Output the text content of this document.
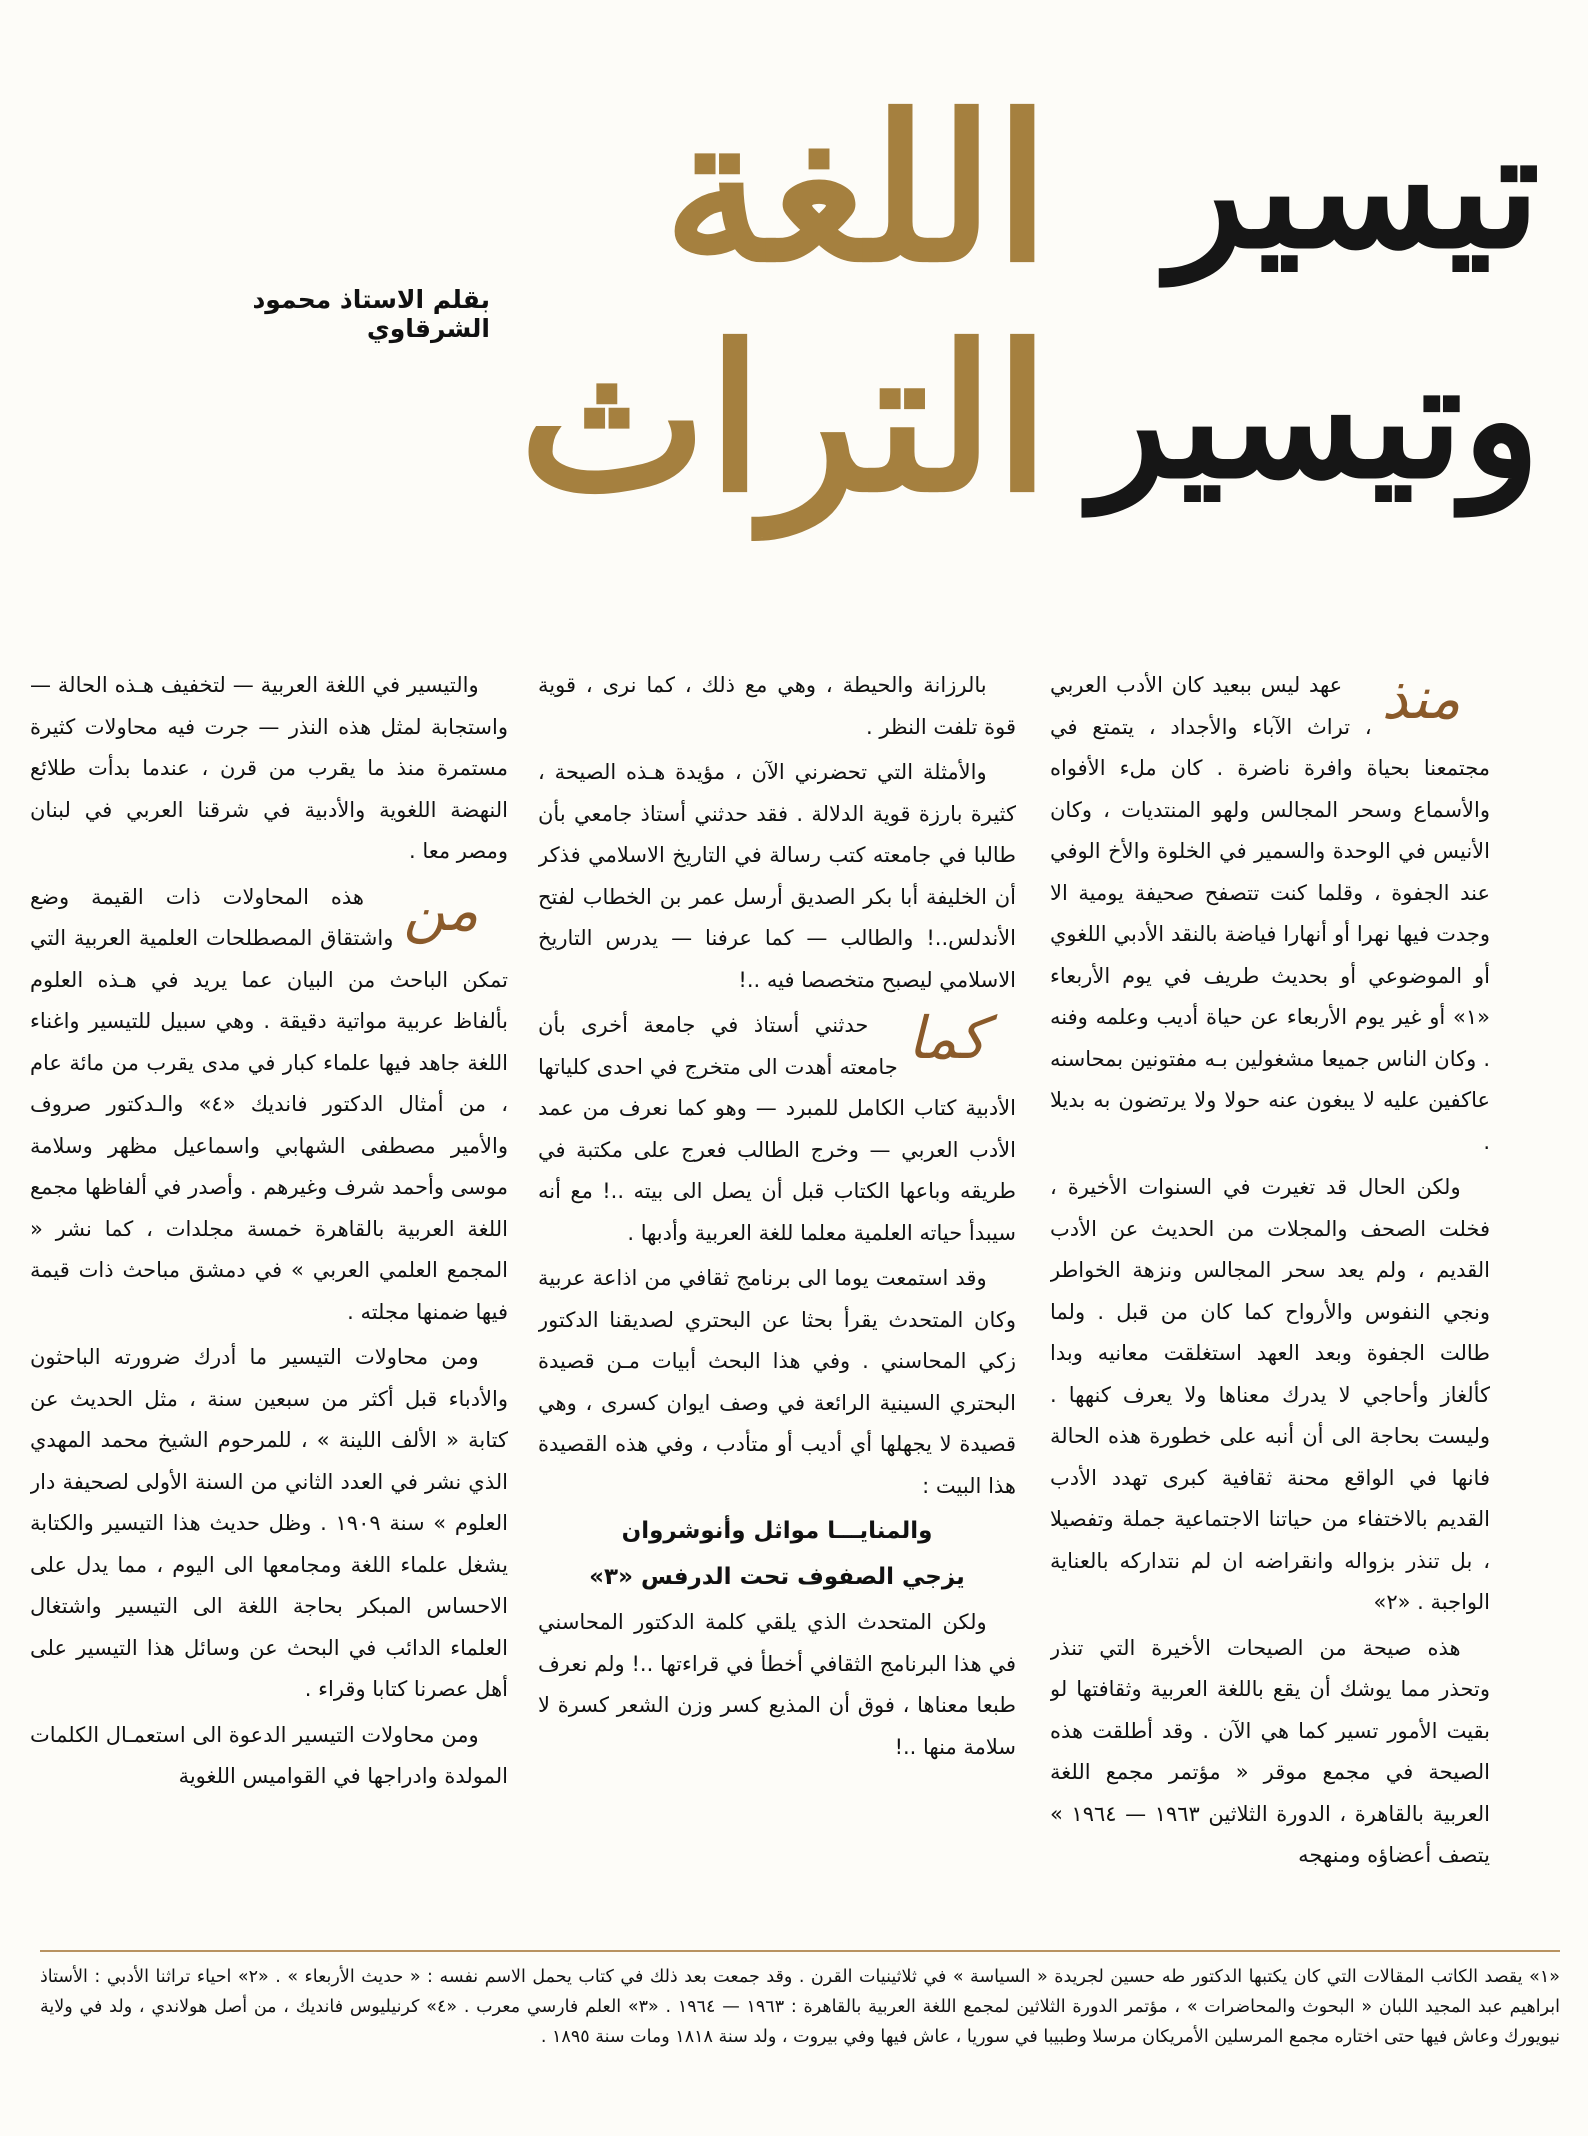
تيسير
اللغة
وتيسير
التراث
بقلم الاستاذ محمود الشرقاوي

منذ
عهد ليس ببعيد كان الأدب العربي ، تراث الآباء والأجداد ، يتمتع في مجتمعنا بحياة وافرة ناضرة . كان ملء الأفواه والأسماع وسحر المجالس ولهو المنتديات ، وكان الأنيس في الوحدة والسمير في الخلوة والأخ الوفي عند الجفوة ، وقلما كنت تتصفح صحيفة يومية الا وجدت فيها نهرا أو أنهارا فياضة بالنقد الأدبي اللغوي أو الموضوعي أو بحديث طريف في يوم الأربعاء «١» أو غير يوم الأربعاء عن حياة أديب وعلمه وفنه . وكان الناس جميعا مشغولين بـه مفتونين بمحاسنه عاكفين عليه لا يبغون عنه حولا ولا يرتضون به بديلا .

ولكن الحال قد تغيرت في السنوات الأخيرة ، فخلت الصحف والمجلات من الحديث عن الأدب القديم ، ولم يعد سحر المجالس ونزهة الخواطر ونجي النفوس والأرواح كما كان من قبل . ولما طالت الجفوة وبعد العهد استغلقت معانيه وبدا كألغاز وأحاجي لا يدرك معناها ولا يعرف كنهها . وليست بحاجة الى أن أنبه على خطورة هذه الحالة فانها في الواقع محنة ثقافية كبرى تهدد الأدب القديم بالاختفاء من حياتنا الاجتماعية جملة وتفصيلا ، بل تنذر بزواله وانقراضه ان لم نتداركه بالعناية الواجبة . «٢»

هذه صيحة من الصيحات الأخيرة التي تنذر وتحذر مما يوشك أن يقع باللغة العربية وثقافتها لو بقيت الأمور تسير كما هي الآن . وقد أطلقت هذه الصيحة في مجمع موقر « مؤتمر مجمع اللغة العربية بالقاهرة ، الدورة الثلاثين ١٩٦٣ — ١٩٦٤ » يتصف أعضاؤه ومنهجه

بالرزانة والحيطة ، وهي مع ذلك ، كما نرى ، قوية قوة تلفت النظر .

والأمثلة التي تحضرني الآن ، مؤيدة هـذه الصيحة ، كثيرة بارزة قوية الدلالة . فقد حدثني أستاذ جامعي بأن طالبا في جامعته كتب رسالة في التاريخ الاسلامي فذكر أن الخليفة أبا بكر الصديق أرسل عمر بن الخطاب لفتح الأندلس..! والطالب — كما عرفنا — يدرس التاريخ الاسلامي ليصبح متخصصا فيه ..!

كما
حدثني أستاذ في جامعة أخرى بأن جامعته أهدت الى متخرج في احدى كلياتها الأدبية كتاب الكامل للمبرد — وهو كما نعرف من عمد الأدب العربي — وخرج الطالب فعرج على مكتبة في طريقه وباعها الكتاب قبل أن يصل الى بيته ..! مع أنه سيبدأ حياته العلمية معلما للغة العربية وأدبها .

وقد استمعت يوما الى برنامج ثقافي من اذاعة عربية وكان المتحدث يقرأ بحثا عن البحتري لصديقنا الدكتور زكي المحاسني . وفي هذا البحث أبيات مـن قصيدة البحتري السينية الرائعة في وصف ايوان كسرى ، وهي قصيدة لا يجهلها أي أديب أو متأدب ، وفي هذه القصيدة هذا البيت :

والمنايـــا مواثل وأنوشروان

يزجي الصفوف تحت الدرفس «٣»

ولكن المتحدث الذي يلقي كلمة الدكتور المحاسني في هذا البرنامج الثقافي أخطأ في قراءتها ..! ولم نعرف طبعا معناها ، فوق أن المذيع كسر وزن الشعر كسرة لا سلامة منها ..!

والتيسير في اللغة العربية — لتخفيف هـذه الحالة — واستجابة لمثل هذه النذر — جرت فيه محاولات كثيرة مستمرة منذ ما يقرب من قرن ، عندما بدأت طلائع النهضة اللغوية والأدبية في شرقنا العربي في لبنان ومصر معا .

من
هذه المحاولات ذات القيمة وضع واشتقاق المصطلحات العلمية العربية التي تمكن الباحث من البيان عما يريد في هـذه العلوم بألفاظ عربية مواتية دقيقة . وهي سبيل للتيسير واغناء اللغة جاهد فيها علماء كبار في مدى يقرب من مائة عام ، من أمثال الدكتور فانديك «٤» والـدكتور صروف والأمير مصطفى الشهابي واسماعيل مظهر وسلامة موسى وأحمد شرف وغيرهم . وأصدر في ألفاظها مجمع اللغة العربية بالقاهرة خمسة مجلدات ، كما نشر « المجمع العلمي العربي » في دمشق مباحث ذات قيمة فيها ضمنها مجلته .

ومن محاولات التيسير ما أدرك ضرورته الباحثون والأدباء قبل أكثر من سبعين سنة ، مثل الحديث عن كتابة « الألف اللينة » ، للمرحوم الشيخ محمد المهدي الذي نشر في العدد الثاني من السنة الأولى لصحيفة دار العلوم » سنة ١٩٠٩ . وظل حديث هذا التيسير والكتابة يشغل علماء اللغة ومجامعها الى اليوم ، مما يدل على الاحساس المبكر بحاجة اللغة الى التيسير واشتغال العلماء الدائب في البحث عن وسائل هذا التيسير على أهل عصرنا كتابا وقراء .

ومن محاولات التيسير الدعوة الى استعمـال الكلمات المولدة وادراجها في القواميس اللغوية

«١» يقصد الكاتب المقالات التي كان يكتبها الدكتور طه حسين لجريدة « السياسة » في ثلاثينيات القرن . وقد جمعت بعد ذلك في كتاب يحمل الاسم نفسه : « حديث الأربعاء » . «٢» احياء تراثنا الأدبي : الأستاذ ابراهيم عبد المجيد اللبان « البحوث والمحاضرات » ، مؤتمر الدورة الثلاثين لمجمع اللغة العربية بالقاهرة : ١٩٦٣ — ١٩٦٤ . «٣» العلم فارسي معرب . «٤» كرنيليوس فانديك ، من أصل هولاندي ، ولد في ولاية نيويورك وعاش فيها حتى اختاره مجمع المرسلين الأمريكان مرسلا وطبيبا في سوريا ، عاش فيها وفي بيروت ، ولد سنة ١٨١٨ ومات سنة ١٨٩٥ .
